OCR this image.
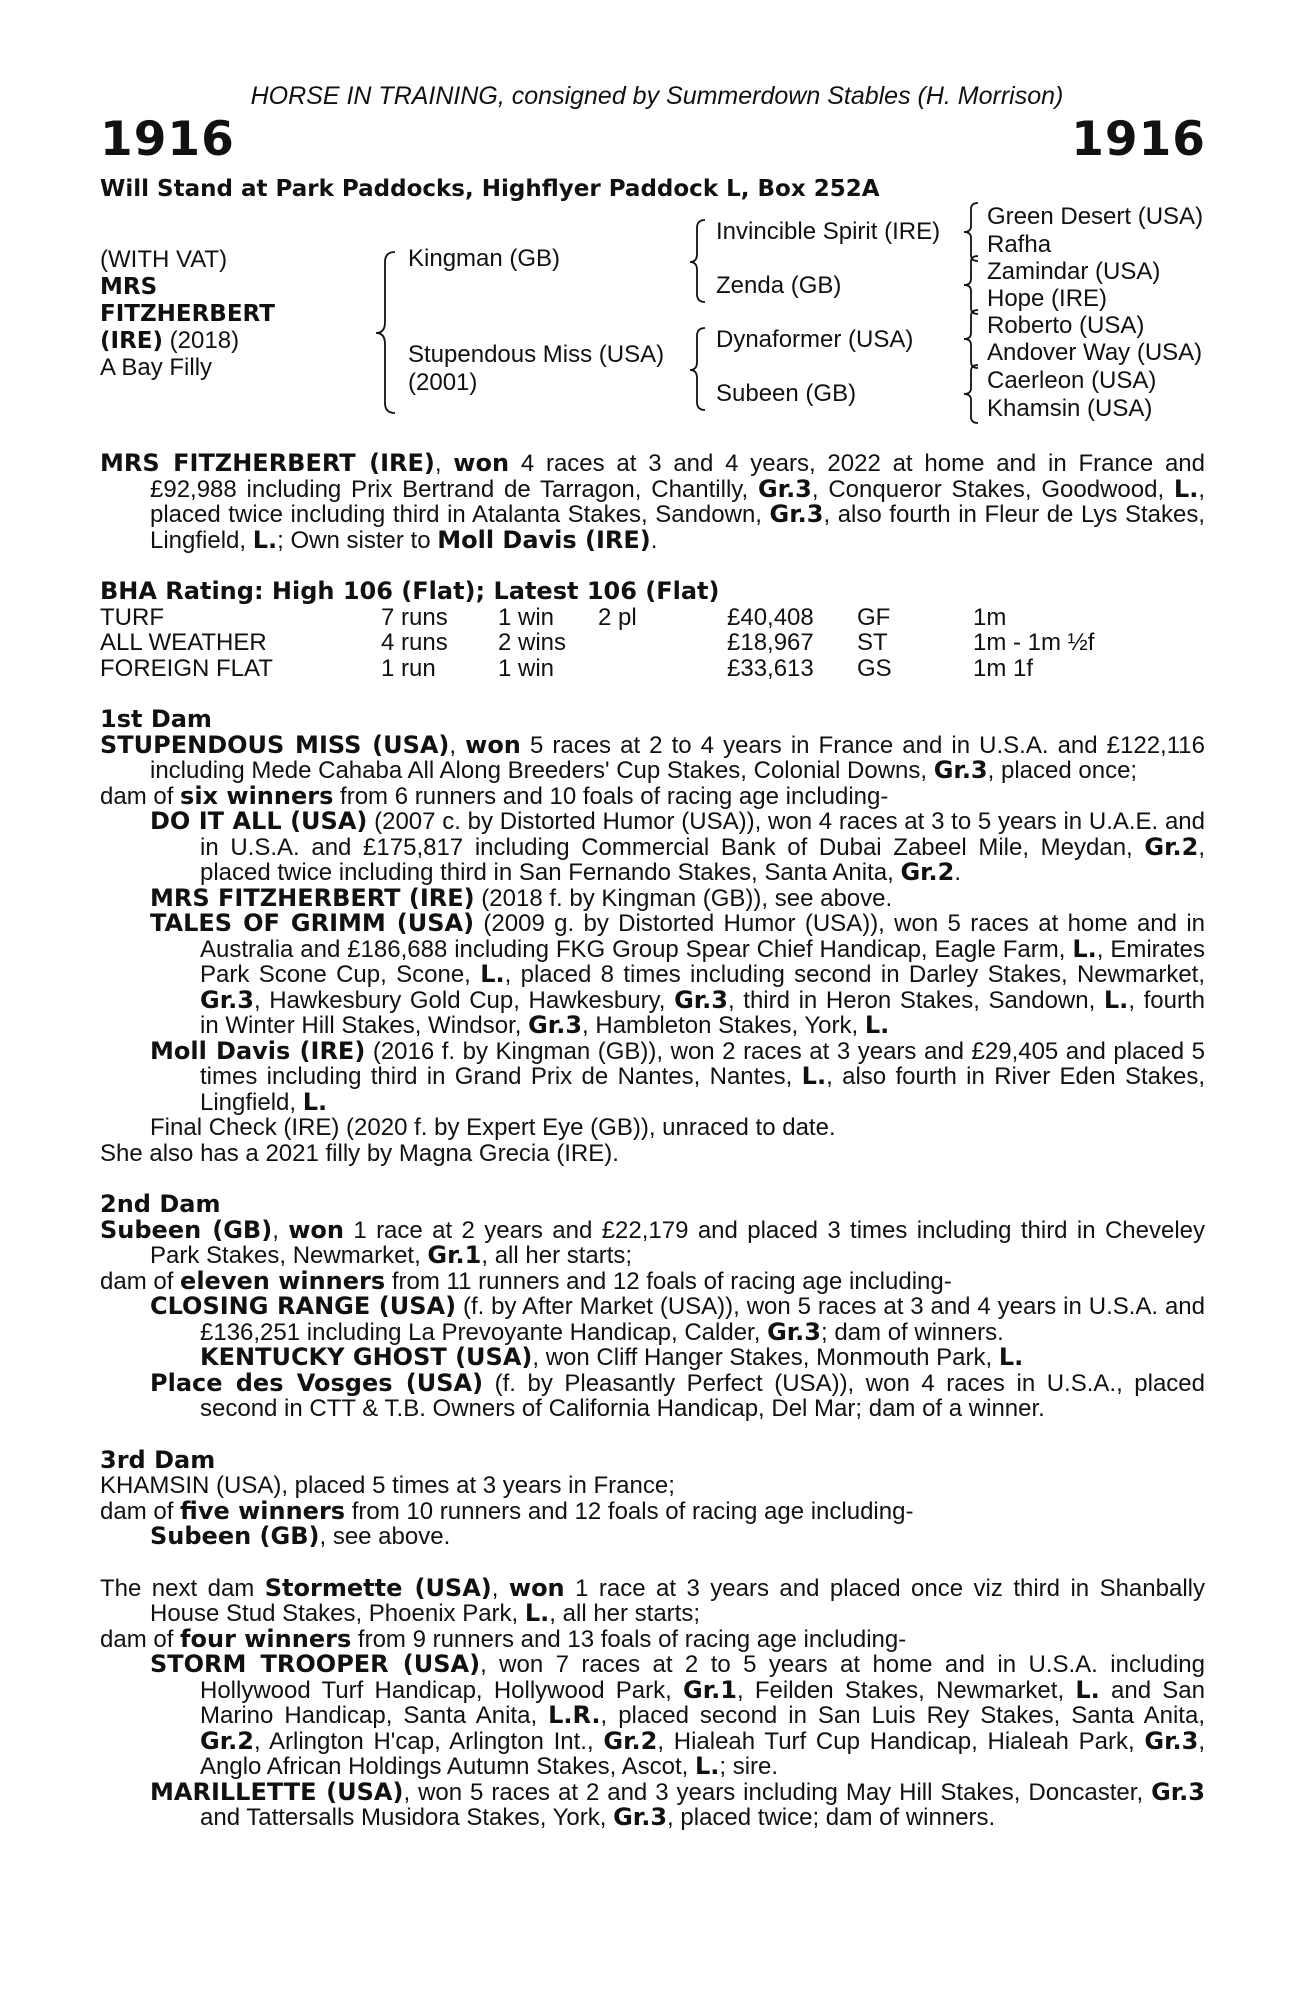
HORSE IN TRAINING, consigned by Summerdown Stables (H. Morrison)
1916	1916
Will Stand at Park Paddocks, Highflyer Paddock L, Box 252A
(WITH VAT)
MRS
FITZHERBERT
(IRE) (2018)
A Bay Filly
Kingman (GB)
Stupendous Miss (USA)
(2001)
Invincible Spirit (IRE)
Zenda (GB)
Dynaformer (USA)
Subeen (GB)
Green Desert (USA)
Rafha
Zamindar (USA)
Hope (IRE)
Roberto (USA)
Andover Way (USA)
Caerleon (USA)
Khamsin (USA)

MRS FITZHERBERT (IRE), won 4 races at 3 and 4 years, 2022 at home and in France and £92,988 including Prix Bertrand de Tarragon, Chantilly, Gr.3, Conqueror Stakes, Goodwood, L., placed twice including third in Atalanta Stakes, Sandown, Gr.3, also fourth in Fleur de Lys Stakes, Lingfield, L.; Own sister to Moll Davis (IRE).

BHA Rating: High 106 (Flat); Latest 106 (Flat)
TURF	7 runs	1 win	2 pl	£40,408	GF	1m
ALL WEATHER	4 runs	2 wins		£18,967	ST	1m - 1m ½f
FOREIGN FLAT	1 run	1 win		£33,613	GS	1m 1f
1st Dam

STUPENDOUS MISS (USA), won 5 races at 2 to 4 years in France and in U.S.A. and £122,116 including Mede Cahaba All Along Breeders' Cup Stakes, Colonial Downs, Gr.3, placed once;

dam of six winners from 6 runners and 10 foals of racing age including-

DO IT ALL (USA) (2007 c. by Distorted Humor (USA)), won 4 races at 3 to 5 years in U.A.E. and in U.S.A. and £175,817 including Commercial Bank of Dubai Zabeel Mile, Meydan, Gr.2, placed twice including third in San Fernando Stakes, Santa Anita, Gr.2.

MRS FITZHERBERT (IRE) (2018 f. by Kingman (GB)), see above.

TALES OF GRIMM (USA) (2009 g. by Distorted Humor (USA)), won 5 races at home and in Australia and £186,688 including FKG Group Spear Chief Handicap, Eagle Farm, L., Emirates Park Scone Cup, Scone, L., placed 8 times including second in Darley Stakes, Newmarket, Gr.3, Hawkesbury Gold Cup, Hawkesbury, Gr.3, third in Heron Stakes, Sandown, L., fourth in Winter Hill Stakes, Windsor, Gr.3, Hambleton Stakes, York, L.

Moll Davis (IRE) (2016 f. by Kingman (GB)), won 2 races at 3 years and £29,405 and placed 5 times including third in Grand Prix de Nantes, Nantes, L., also fourth in River Eden Stakes, Lingfield, L.

Final Check (IRE) (2020 f. by Expert Eye (GB)), unraced to date.

She also has a 2021 filly by Magna Grecia (IRE).

2nd Dam

Subeen (GB), won 1 race at 2 years and £22,179 and placed 3 times including third in Cheveley Park Stakes, Newmarket, Gr.1, all her starts;

dam of eleven winners from 11 runners and 12 foals of racing age including-

CLOSING RANGE (USA) (f. by After Market (USA)), won 5 races at 3 and 4 years in U.S.A. and £136,251 including La Prevoyante Handicap, Calder, Gr.3; dam of winners.

KENTUCKY GHOST (USA), won Cliff Hanger Stakes, Monmouth Park, L.

Place des Vosges (USA) (f. by Pleasantly Perfect (USA)), won 4 races in U.S.A., placed second in CTT & T.B. Owners of California Handicap, Del Mar; dam of a winner.

3rd Dam

KHAMSIN (USA), placed 5 times at 3 years in France;

dam of five winners from 10 runners and 12 foals of racing age including-

Subeen (GB), see above.

The next dam Stormette (USA), won 1 race at 3 years and placed once viz third in Shanbally House Stud Stakes, Phoenix Park, L., all her starts;

dam of four winners from 9 runners and 13 foals of racing age including-

STORM TROOPER (USA), won 7 races at 2 to 5 years at home and in U.S.A. including Hollywood Turf Handicap, Hollywood Park, Gr.1, Feilden Stakes, Newmarket, L. and San Marino Handicap, Santa Anita, L.R., placed second in San Luis Rey Stakes, Santa Anita, Gr.2, Arlington H'cap, Arlington Int., Gr.2, Hialeah Turf Cup Handicap, Hialeah Park, Gr.3, Anglo African Holdings Autumn Stakes, Ascot, L.; sire.

MARILLETTE (USA), won 5 races at 2 and 3 years including May Hill Stakes, Doncaster, Gr.3 and Tattersalls Musidora Stakes, York, Gr.3, placed twice; dam of winners.
